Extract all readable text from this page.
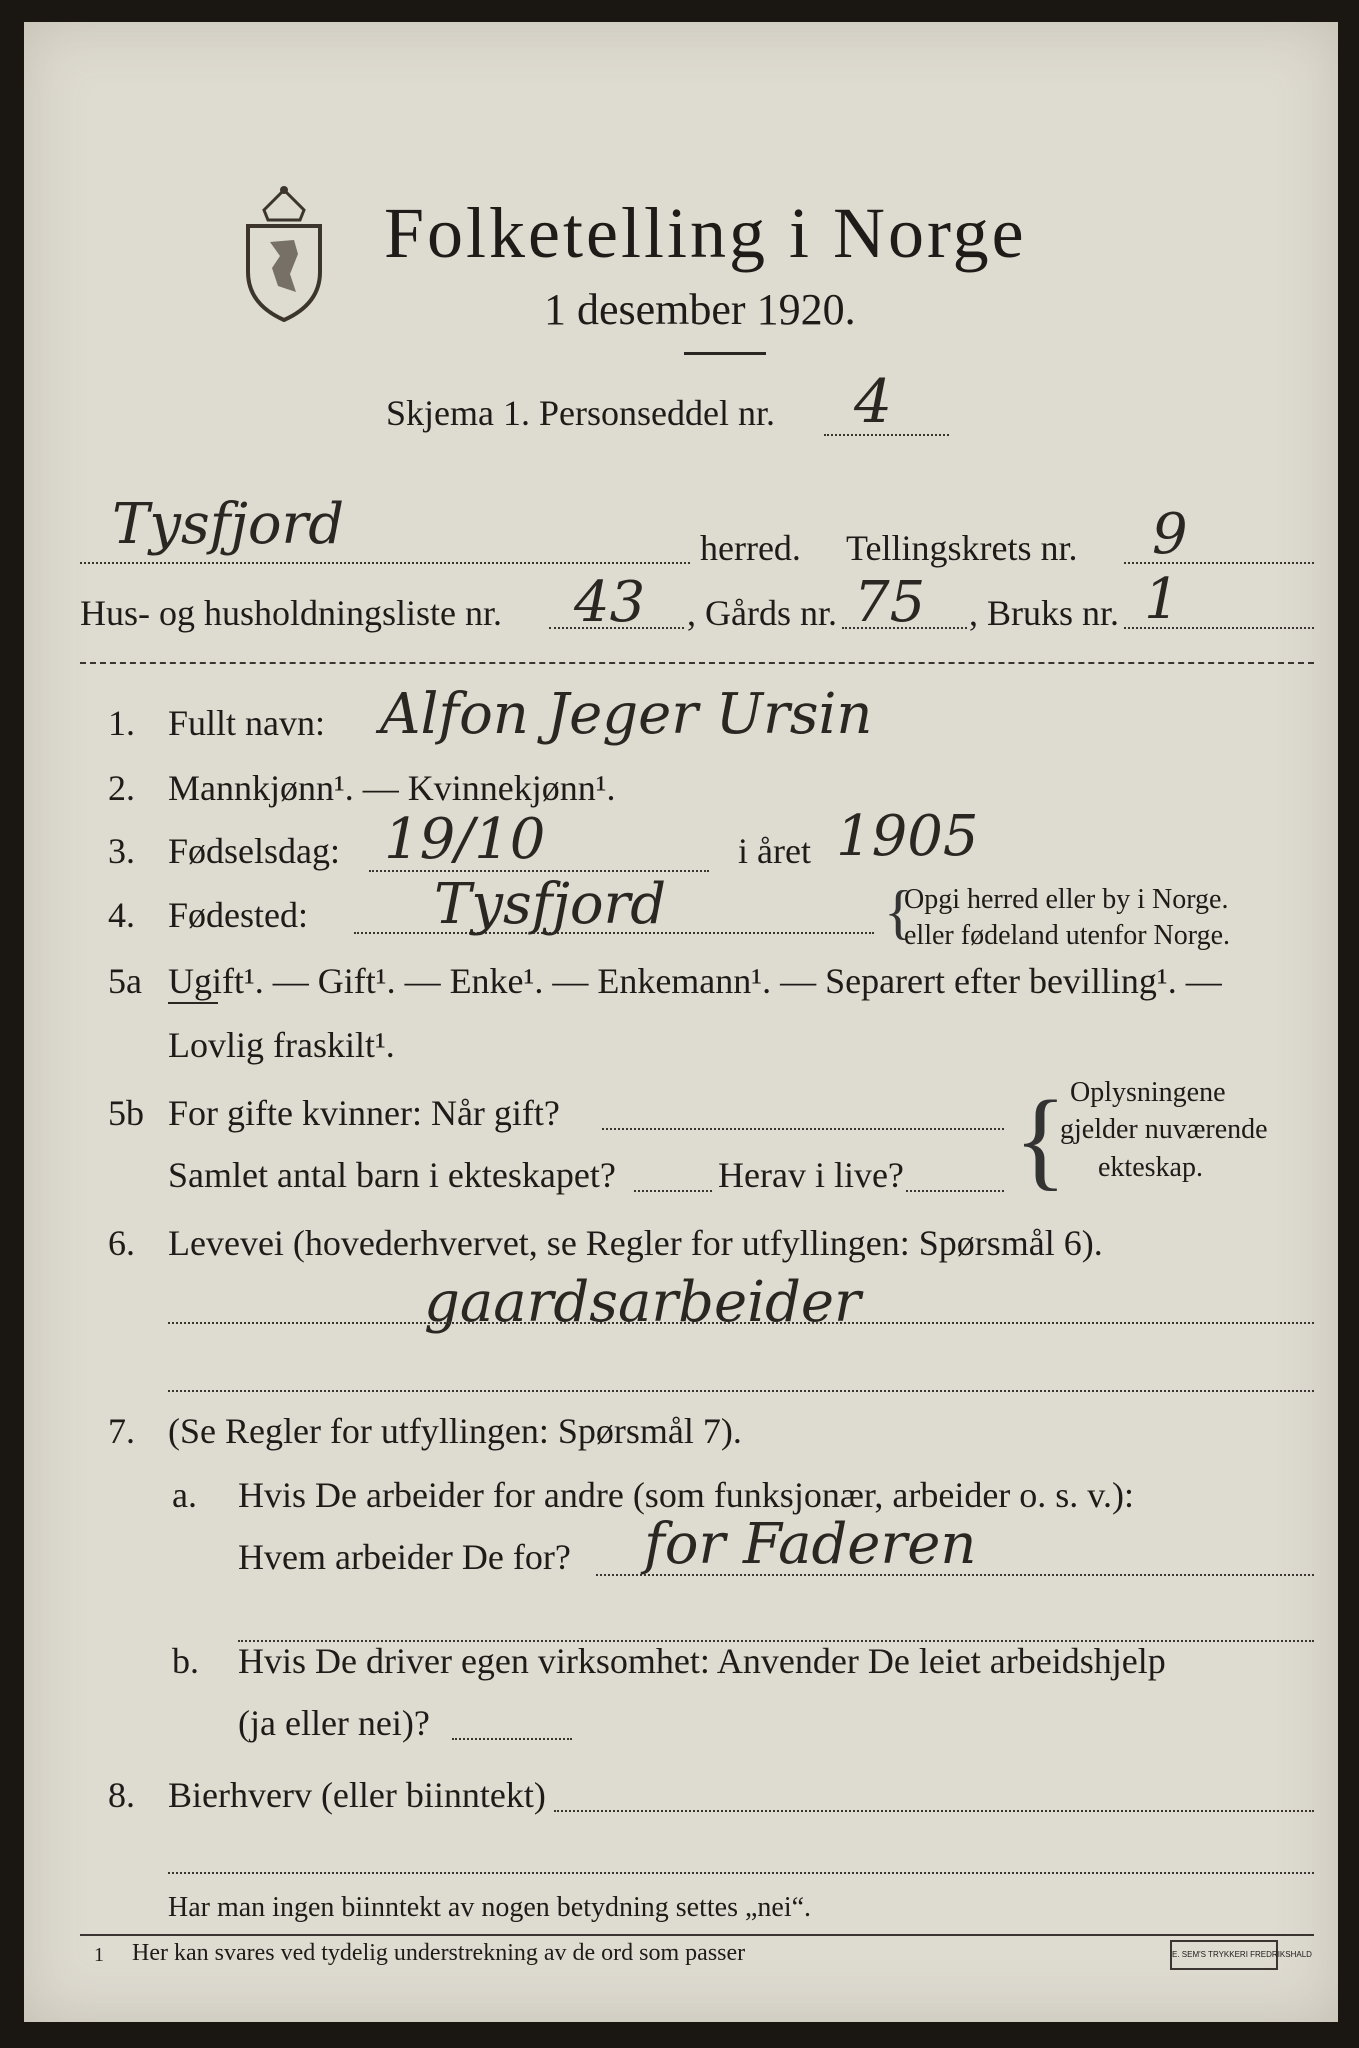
Folketelling i Norge
1 desember 1920.
Skjema 1. Personseddel nr. 4
Tysfjord	herred. Tellingskrets nr. 9
Hus- og husholdningsliste nr. 43 , Gårds nr. 75 , Bruks nr. 1
1. Fullt navn: Alfon Jeger Ursin
2. Mannkjønn¹. — Kvinnekjønn¹.
3. Fødselsdag: 19/10	i året 1905
4. Fødested: Tysfjord	{
Opgi herred eller by i Norge.
eller fødeland utenfor Norge.
5a Ugift¹. — Gift¹. — Enke¹. — Enkemann¹. — Separert efter bevilling¹. —
Lovlig fraskilt¹.
5b For gifte kvinner: Når gift?
Samlet antal barn i ekteskapet?	Herav i live? { Oplysningene
gjelder nuværende
ekteskap.
6. Levevei (hovederhvervet, se Regler for utfyllingen: Spørsmål 6).
gaardsarbeider
7. (Se Regler for utfyllingen: Spørsmål 7).
a. Hvis De arbeider for andre (som funksjonær, arbeider o. s. v.):
Hvem arbeider De for? for Faderen
b. Hvis De driver egen virksomhet: Anvender De leiet arbeidshjelp
(ja eller nei)?
8. Bierhverv (eller biinntekt)
Har man ingen biinntekt av nogen betydning settes „nei“.
1 Her kan svares ved tydelig understrekning av de ord som passer	E. SEM'S TRYKKERI FREDRIKSHALD
